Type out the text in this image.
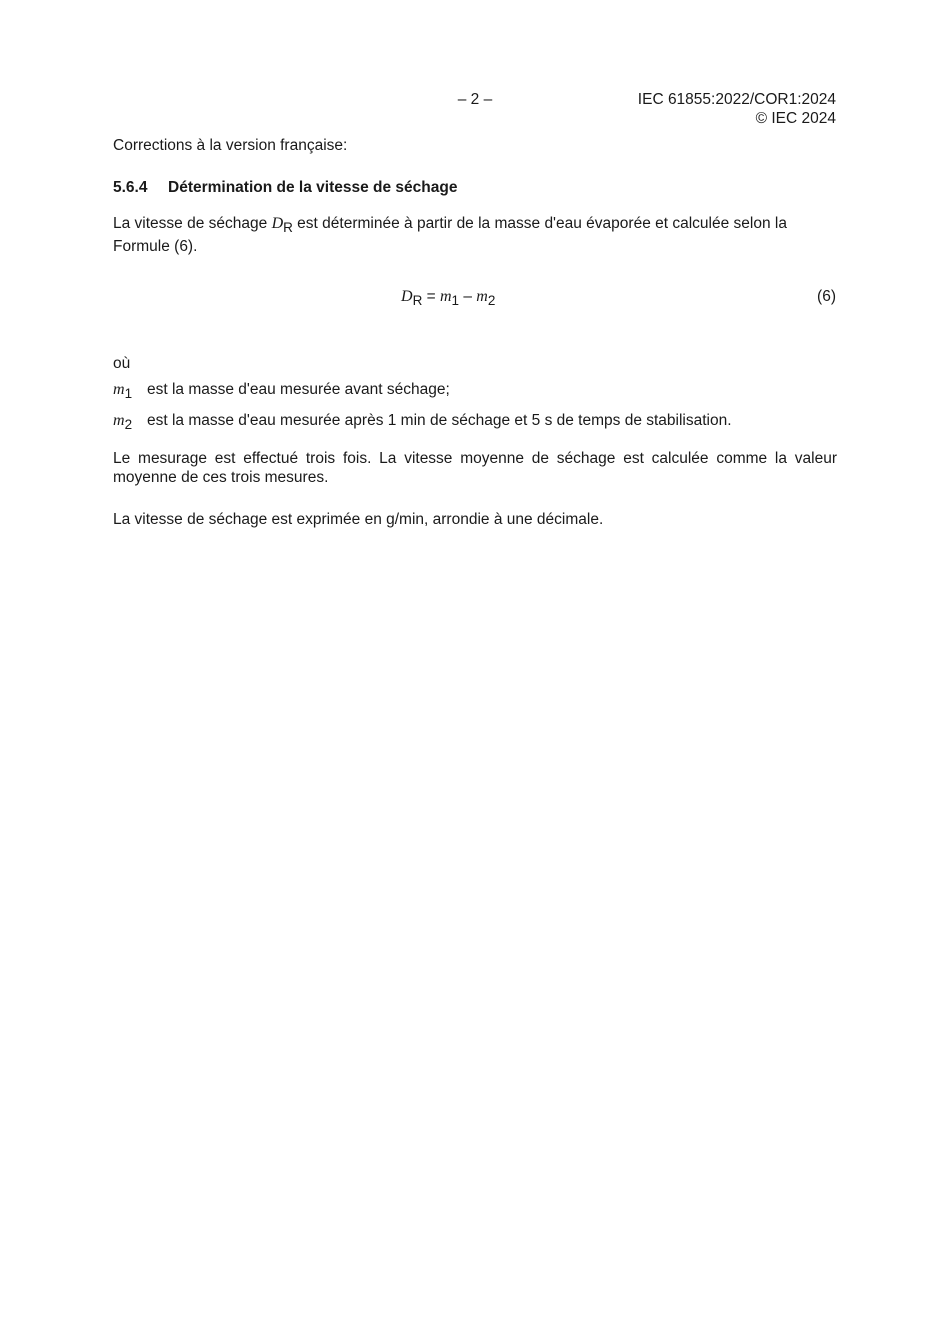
– 2 –	IEC 61855:2022/COR1:2024
© IEC 2024
Corrections à la version française:
5.6.4 Détermination de la vitesse de séchage
La vitesse de séchage $D_R$ est déterminée à partir de la masse d'eau évaporée et calculée selon la Formule (6).
DR = m1 – m2	(6)
où
m1 est la masse d'eau mesurée avant séchage;
m2 est la masse d'eau mesurée après 1 min de séchage et 5 s de temps de stabilisation.
Le mesurage est effectué trois fois. La vitesse moyenne de séchage est calculée comme la valeur moyenne de ces trois mesures.
La vitesse de séchage est exprimée en g/min, arrondie à une décimale.
